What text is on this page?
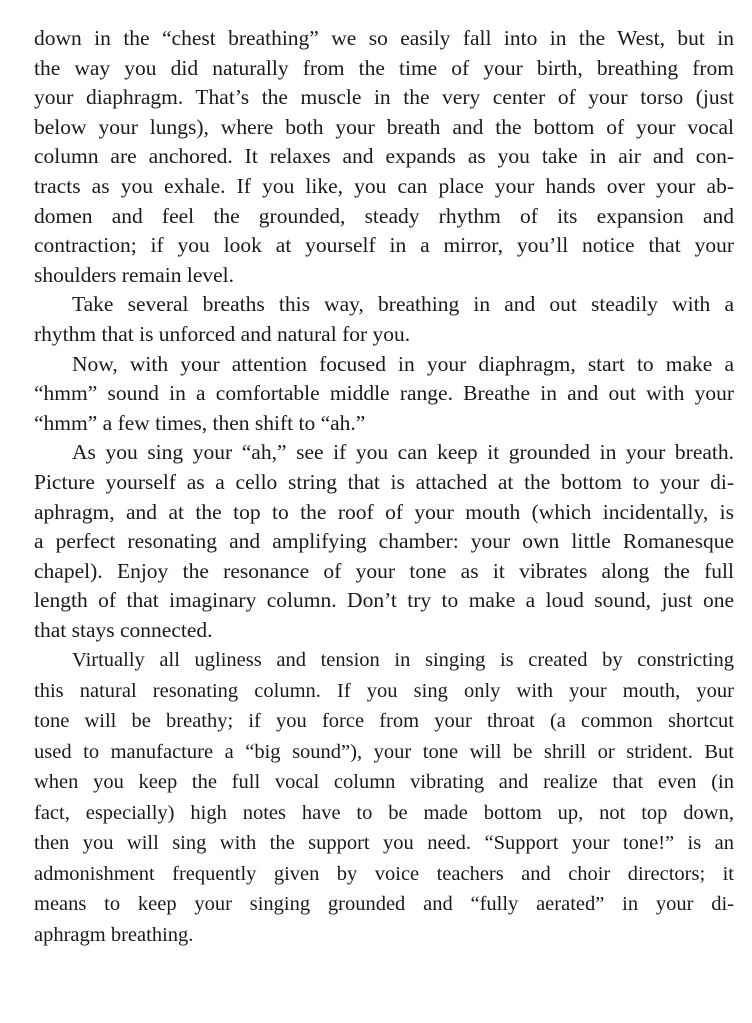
down in the “chest breathing” we so easily fall into in the West, but in
the way you did naturally from the time of your birth, breathing from
your diaphragm. That’s the muscle in the very center of your torso (just
below your lungs), where both your breath and the bottom of your vocal
column are anchored. It relaxes and expands as you take in air and con-
tracts as you exhale. If you like, you can place your hands over your ab-
domen and feel the grounded, steady rhythm of its expansion and
contraction; if you look at yourself in a mirror, you’ll notice that your
shoulders remain level.
Take several breaths this way, breathing in and out steadily with a
rhythm that is unforced and natural for you.
Now, with your attention focused in your diaphragm, start to make a
“hmm” sound in a comfortable middle range. Breathe in and out with your
“hmm” a few times, then shift to “ah.”
As you sing your “ah,” see if you can keep it grounded in your breath.
Picture yourself as a cello string that is attached at the bottom to your di-
aphragm, and at the top to the roof of your mouth (which incidentally, is
a perfect resonating and amplifying chamber: your own little Romanesque
chapel). Enjoy the resonance of your tone as it vibrates along the full
length of that imaginary column. Don’t try to make a loud sound, just one
that stays connected.
Virtually all ugliness and tension in singing is created by constricting
this natural resonating column. If you sing only with your mouth, your
tone will be breathy; if you force from your throat (a common shortcut
used to manufacture a “big sound”), your tone will be shrill or strident. But
when you keep the full vocal column vibrating and realize that even (in
fact, especially) high notes have to be made bottom up, not top down,
then you will sing with the support you need. “Support your tone!” is an
admonishment frequently given by voice teachers and choir directors; it
means to keep your singing grounded and “fully aerated” in your di-
aphragm breathing.
